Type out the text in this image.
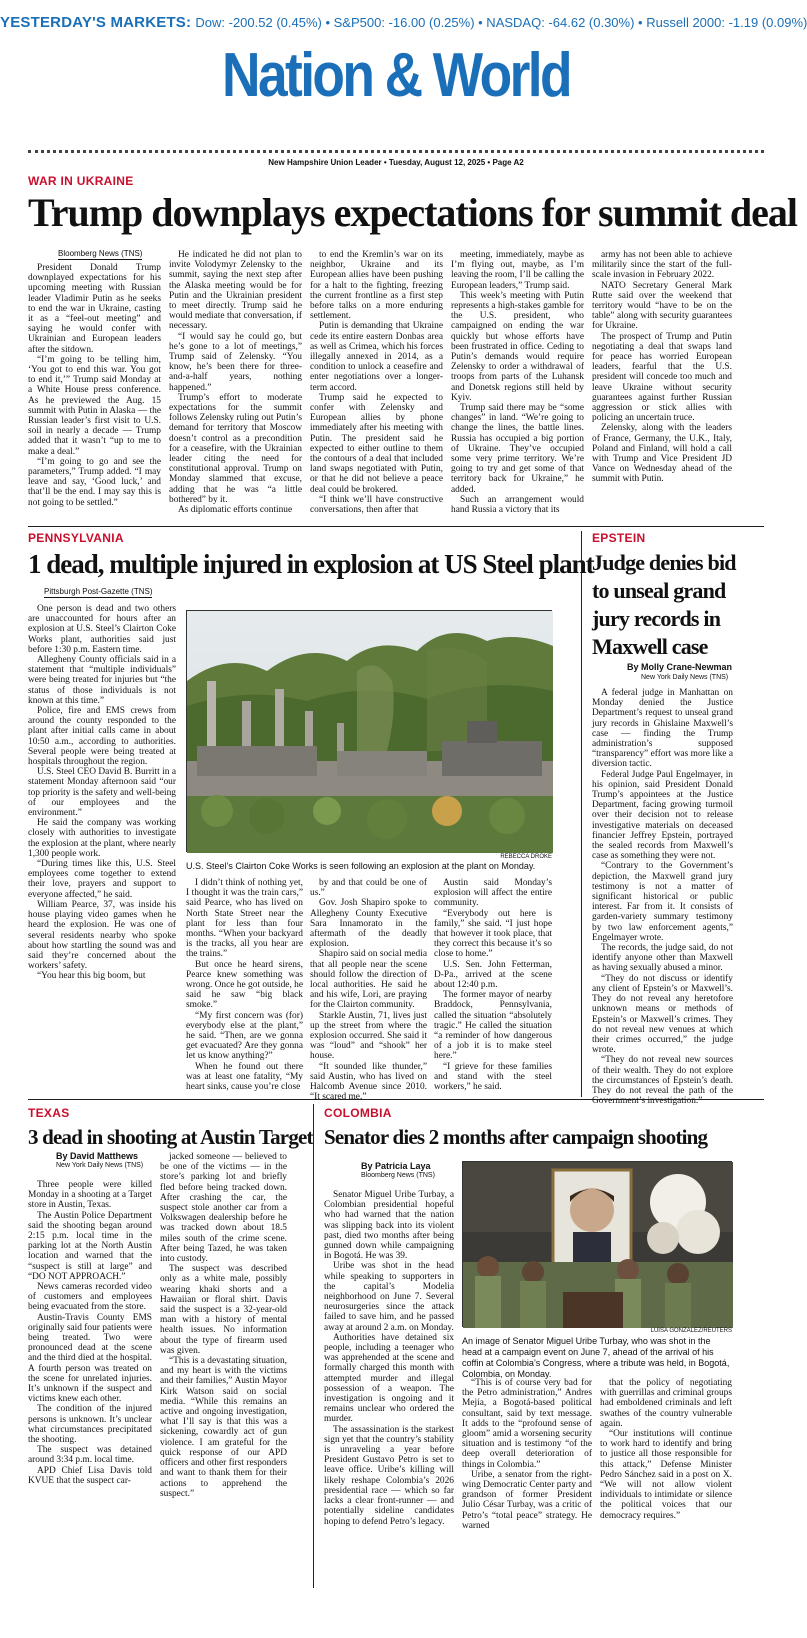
YESTERDAY'S MARKETS: Dow: -200.52 (0.45%) • S&P500: -16.00 (0.25%) • NASDAQ: -64.62 (0.30%) • Russell 2000: -1.19 (0.09%)
Nation & World
New Hampshire Union Leader • Tuesday, August 12, 2025 • Page A2
WAR IN UKRAINE
Trump downplays expectations for summit deal
Bloomberg News (TNS)

President Donald Trump downplayed expectations for his upcoming meeting with Russian leader Vladimir Putin as he seeks to end the war in Ukraine, casting it as a “feel-out meeting” and saying he would confer with Ukrainian and European leaders after the sitdown.

“I’m going to be telling him, ‘You got to end this war. You got to end it,’” Trump said Monday at a White House press conference. As he previewed the Aug. 15 summit with Putin in Alaska — the Russian leader’s first visit to U.S. soil in nearly a decade — Trump added that it wasn’t “up to me to make a deal.”

“I’m going to go and see the parameters,” Trump added. “I may leave and say, ‘Good luck,’ and that’ll be the end. I may say this is not going to be settled.”

He indicated he did not plan to invite Volodymyr Zelensky to the summit, saying the next step after the Alaska meeting would be for Putin and the Ukrainian president to meet directly. Trump said he would mediate that conversation, if necessary.

“I would say he could go, but he’s gone to a lot of meetings,” Trump said of Zelensky. “You know, he’s been there for three-and-a-half years, nothing happened.”

Trump’s effort to moderate expectations for the summit follows Zelensky ruling out Putin’s demand for territory that Moscow doesn’t control as a precondition for a ceasefire, with the Ukrainian leader citing the need for constitutional approval. Trump on Monday slammed that excuse, adding that he was “a little bothered” by it.

As diplomatic efforts continue

to end the Kremlin’s war on its neighbor, Ukraine and its European allies have been pushing for a halt to the fighting, freezing the current frontline as a first step before talks on a more enduring settlement.

Putin is demanding that Ukraine cede its entire eastern Donbas area as well as Crimea, which his forces illegally annexed in 2014, as a condition to unlock a ceasefire and enter negotiations over a longer-term accord.

Trump said he expected to confer with Zelensky and European allies by phone immediately after his meeting with Putin. The president said he expected to either outline to them the contours of a deal that included land swaps negotiated with Putin, or that he did not believe a peace deal could be brokered.

“I think we’ll have constructive conversations, then after that

meeting, immediately, maybe as I’m flying out, maybe, as I’m leaving the room, I’ll be calling the European leaders,” Trump said.

This week’s meeting with Putin represents a high-stakes gamble for the U.S. president, who campaigned on ending the war quickly but whose efforts have been frustrated in office. Ceding to Putin’s demands would require Zelensky to order a withdrawal of troops from parts of the Luhansk and Donetsk regions still held by Kyiv.

Trump said there may be “some changes” in land. “We’re going to change the lines, the battle lines. Russia has occupied a big portion of Ukraine. They’ve occupied some very prime territory. We’re going to try and get some of that territory back for Ukraine,” he added.

Such an arrangement would hand Russia a victory that its

army has not been able to achieve militarily since the start of the full-scale invasion in February 2022.

NATO Secretary General Mark Rutte said over the weekend that territory would “have to be on the table” along with security guarantees for Ukraine.

The prospect of Trump and Putin negotiating a deal that swaps land for peace has worried European leaders, fearful that the U.S. president will concede too much and leave Ukraine without security guarantees against further Russian aggression or stick allies with policing an uncertain truce.

Zelensky, along with the leaders of France, Germany, the U.K., Italy, Poland and Finland, will hold a call with Trump and Vice President JD Vance on Wednesday ahead of the summit with Putin.

PENNSYLVANIA
1 dead, multiple injured in explosion at US Steel plant
Pittsburgh Post-Gazette (TNS)

One person is dead and two others are unaccounted for hours after an explosion at U.S. Steel’s Clairton Coke Works plant, authorities said just before 1:30 p.m. Eastern time.

Allegheny County officials said in a statement that “multiple individuals” were being treated for injuries but “the status of those individuals is not known at this time.”

Police, fire and EMS crews from around the county responded to the plant after initial calls came in about 10:50 a.m., according to authorities. Several people were being treated at hospitals throughout the region.

U.S. Steel CEO David B. Burritt in a statement Monday afternoon said “our top priority is the safety and well-being of our employees and the environment.”

He said the company was working closely with authorities to investigate the explosion at the plant, where nearly 1,300 people work.

“During times like this, U.S. Steel employees come together to extend their love, prayers and support to everyone affected,” he said.

William Pearce, 37, was inside his house playing video games when he heard the explosion. He was one of several residents nearby who spoke about how startling the sound was and said they’re concerned about the workers’ safety.

“You hear this big boom, but

REBECCA DROKE
U.S. Steel’s Clairton Coke Works is seen following an explosion at the plant on Monday.

I didn’t think of nothing yet, I thought it was the train cars,” said Pearce, who has lived on North State Street near the plant for less than four months. “When your backyard is the tracks, all you hear are the trains.”

But once he heard sirens, Pearce knew something was wrong. Once he got outside, he said he saw “big black smoke.”

“My first concern was (for) everybody else at the plant,” he said. “Then, are we gonna get evacuated? Are they gonna let us know anything?”

When he found out there was at least one fatality, “My heart sinks, cause you’re close

by and that could be one of us.”

Gov. Josh Shapiro spoke to Allegheny County Executive Sara Innamorato in the aftermath of the deadly explosion.

Shapiro said on social media that all people near the scene should follow the direction of local authorities. He said he and his wife, Lori, are praying for the Clairton community.

Starkle Austin, 71, lives just up the street from where the explosion occurred. She said it was “loud” and “shook” her house.

“It sounded like thunder,” said Austin, who has lived on Halcomb Avenue since 2010. “It scared me.”

Austin said Monday’s explosion will affect the entire community.

“Everybody out here is family,” she said. “I just hope that however it took place, that they correct this because it’s so close to home.”

U.S. Sen. John Fetterman, D-Pa., arrived at the scene about 12:40 p.m.

The former mayor of nearby Braddock, Pennsylvania, called the situation “absolutely tragic.” He called the situation “a reminder of how dangerous of a job it is to make steel here.”

“I grieve for these families and stand with the steel workers,” he said.

EPSTEIN
Judge denies bid to unseal grand jury records in Maxwell case
By Molly Crane-Newman
New York Daily News (TNS)

A federal judge in Manhattan on Monday denied the Justice Department’s request to unseal grand jury records in Ghislaine Maxwell’s case — finding the Trump administration’s supposed “transparency” effort was more like a diversion tactic.

Federal Judge Paul Engelmayer, in his opinion, said President Donald Trump’s appointees at the Justice Department, facing growing turmoil over their decision not to release investigative materials on deceased financier Jeffrey Epstein, portrayed the sealed records from Maxwell’s case as something they were not.

“Contrary to the Government’s depiction, the Maxwell grand jury testimony is not a matter of significant historical or public interest. Far from it. It consists of garden-variety summary testimony by two law enforcement agents,” Engelmayer wrote.

The records, the judge said, do not identify anyone other than Maxwell as having sexually abused a minor.

“They do not discuss or identify any client of Epstein’s or Maxwell’s. They do not reveal any heretofore unknown means or methods of Epstein’s or Maxwell’s crimes. They do not reveal new venues at which their crimes occurred,” the judge wrote.

“They do not reveal new sources of their wealth. They do not explore the circumstances of Epstein’s death. They do not reveal the path of the Government’s investigation.”

TEXAS
3 dead in shooting at Austin Target
By David Matthews
New York Daily News (TNS)

Three people were killed Monday in a shooting at a Target store in Austin, Texas.

The Austin Police Department said the shooting began around 2:15 p.m. local time in the parking lot at the North Austin location and warned that the “suspect is still at large” and “DO NOT APPROACH.”

News cameras recorded video of customers and employees being evacuated from the store.

Austin-Travis County EMS originally said four patients were being treated. Two were pronounced dead at the scene and the third died at the hospital. A fourth person was treated on the scene for unrelated injuries. It’s unknown if the suspect and victims knew each other.

The condition of the injured persons is unknown. It’s unclear what circumstances precipitated the shooting.

The suspect was detained around 3:34 p.m. local time.

APD Chief Lisa Davis told KVUE that the suspect car-

jacked someone — believed to be one of the victims — in the store’s parking lot and briefly fled before being tracked down. After crashing the car, the suspect stole another car from a Volkswagen dealership before he was tracked down about 18.5 miles south of the crime scene. After being Tazed, he was taken into custody.

The suspect was described only as a white male, possibly wearing khaki shorts and a Hawaiian or floral shirt. Davis said the suspect is a 32-year-old man with a history of mental health issues. No information about the type of firearm used was given.

“This is a devastating situation, and my heart is with the victims and their families,” Austin Mayor Kirk Watson said on social media. “While this remains an active and ongoing investigation, what I’ll say is that this was a sickening, cowardly act of gun violence. I am grateful for the quick response of our APD officers and other first responders and want to thank them for their actions to apprehend the suspect.”

COLOMBIA
Senator dies 2 months after campaign shooting
By Patricia Laya
Bloomberg News (TNS)

Senator Miguel Uribe Turbay, a Colombian presidential hopeful who had warned that the nation was slipping back into its violent past, died two months after being gunned down while campaigning in Bogotá. He was 39.

Uribe was shot in the head while speaking to supporters in the capital’s Modelia neighborhood on June 7. Several neurosurgeries since the attack failed to save him, and he passed away at around 2 a.m. on Monday.

Authorities have detained six people, including a teenager who was apprehended at the scene and formally charged this month with attempted murder and illegal possession of a weapon. The investigation is ongoing and it remains unclear who ordered the murder.

The assassination is the starkest sign yet that the country’s stability is unraveling a year before President Gustavo Petro is set to leave office. Uribe’s killing will likely reshape Colombia’s 2026 presidential race — which so far lacks a clear front-runner — and potentially sideline candidates hoping to defend Petro’s legacy.

LUISA GONZALEZ/REUTERS
An image of Senator Miguel Uribe Turbay, who was shot in the head at a campaign event on June 7, ahead of the arrival of his coffin at Colombia’s Congress, where a tribute was held, in Bogotá, Colombia, on Monday.

“This is of course very bad for the Petro administration,” Andres Mejía, a Bogotá-based political consultant, said by text message. It adds to the “profound sense of gloom” amid a worsening security situation and is testimony “of the deep overall deterioration of things in Colombia.”

Uribe, a senator from the right-wing Democratic Center party and grandson of former President Julio César Turbay, was a critic of Petro’s “total peace” strategy. He warned

that the policy of negotiating with guerrillas and criminal groups had emboldened criminals and left swathes of the country vulnerable again.

“Our institutions will continue to work hard to identify and bring to justice all those responsible for this attack,” Defense Minister Pedro Sánchez said in a post on X. “We will not allow violent individuals to intimidate or silence the political voices that our democracy requires.”
